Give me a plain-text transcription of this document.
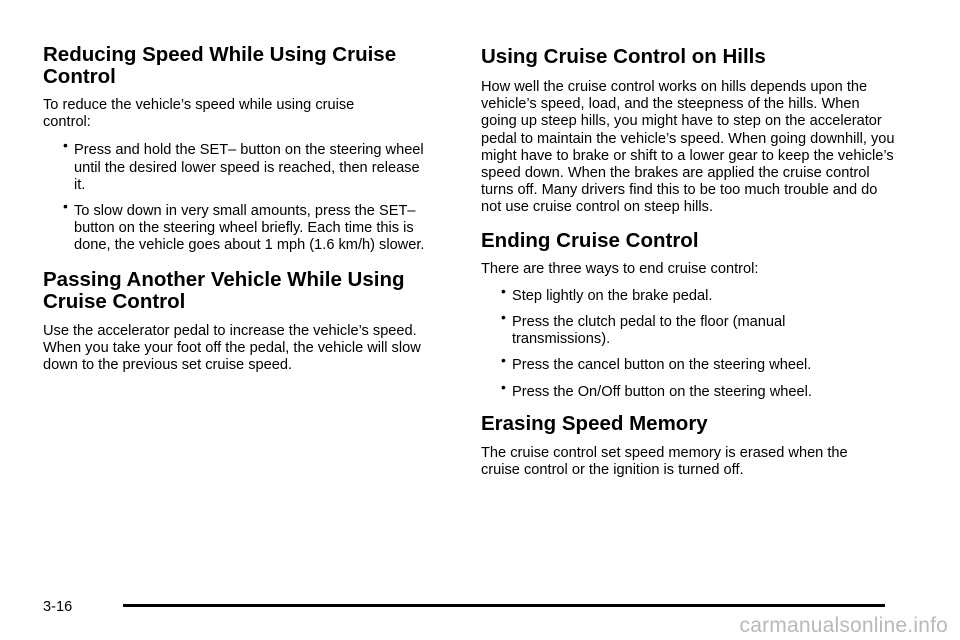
Reducing Speed While Using Cruise Control

To reduce the vehicle’s speed while using cruise control:

• Press and hold the SET– button on the steering wheel until the desired lower speed is reached, then release it.
• To slow down in very small amounts, press the SET– button on the steering wheel briefly. Each time this is done, the vehicle goes about 1 mph (1.6 km/h) slower.
Passing Another Vehicle While Using Cruise Control

Use the accelerator pedal to increase the vehicle’s speed. When you take your foot off the pedal, the vehicle will slow down to the previous set cruise speed.

Using Cruise Control on Hills

How well the cruise control works on hills depends upon the vehicle’s speed, load, and the steepness of the hills. When going up steep hills, you might have to step on the accelerator pedal to maintain the vehicle’s speed. When going downhill, you might have to brake or shift to a lower gear to keep the vehicle’s speed down. When the brakes are applied the cruise control turns off. Many drivers find this to be too much trouble and do not use cruise control on steep hills.

Ending Cruise Control

There are three ways to end cruise control:

• Step lightly on the brake pedal.
• Press the clutch pedal to the floor (manual transmissions).
• Press the cancel button on the steering wheel.
• Press the On/Off button on the steering wheel.
Erasing Speed Memory

The cruise control set speed memory is erased when the cruise control or the ignition is turned off.

3-16
carmanualsonline.info
